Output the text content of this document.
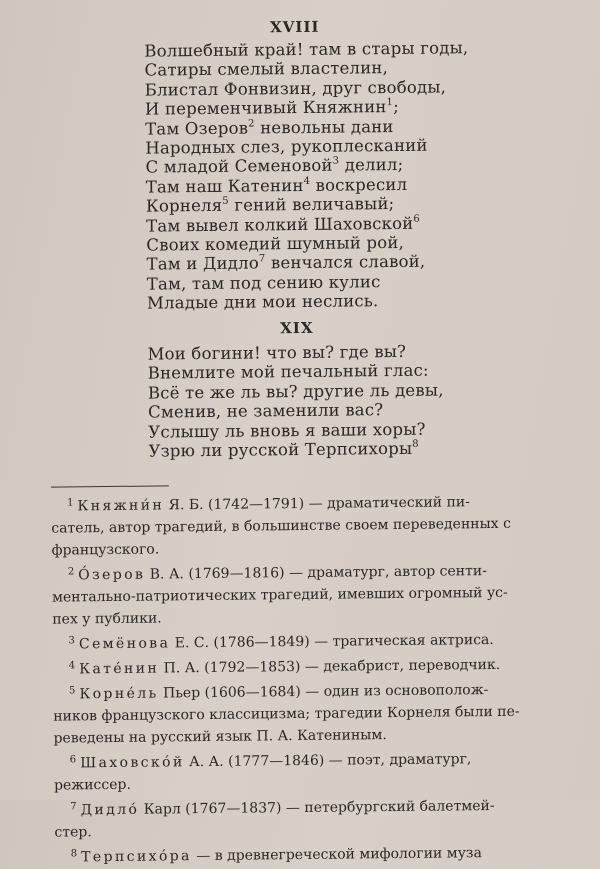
XVIII
Волшебный край! там в стары годы,
Сатиры смелый властелин,
Блистал Фонвизин, друг свободы,
И переменчивый Княжнин$^1$;
Там Озеров$^2$ невольны дани
Народных слез, рукоплесканий
С младой Семеновой$^3$ делил;
Там наш Катенин$^4$ воскресил
Корнеля$^5$ гений величавый;
Там вывел колкий Шаховской$^6$
Своих комедий шумный рой,
Там и Дидло$^7$ венчался славой,
Там, там под сению кулис
Младые дни мои неслись.
XIX
Мои богини! что вы? где вы?
Внемлите мой печальный глас:
Всё те же ль вы? другие ль девы,
Сменив, не заменили вас?
Услышу ль вновь я ваши хоры?
Узрю ли русской Терпсихоры$^8$
$^1$ Княжни́н Я. Б. (1742—1791) — драматический пи-
сатель, автор трагедий, в большинстве своем переведенных с
французского.
$^2$ О́зеров В. А. (1769—1816) — драматург, автор сенти-
ментально-патриотических трагедий, имевших огромный ус-
пех у публики.
$^3$ Семёнова Е. С. (1786—1849) — трагическая актриса.
$^4$ Кате́нин П. А. (1792—1853) — декабрист, переводчик.
$^5$ Корне́ль Пьер (1606—1684) — один из основополож-
ников французского классицизма; трагедии Корнеля были пе-
реведены на русский язык П. А. Катениным.
$^6$ Шаховско́й А. А. (1777—1846) — поэт, драматург,
режиссер.
$^7$ Дидло́ Карл (1767—1837) — петербургский балетмей-
стер.
$^8$ Терпсихо́ра — в древнегреческой мифологии муза
